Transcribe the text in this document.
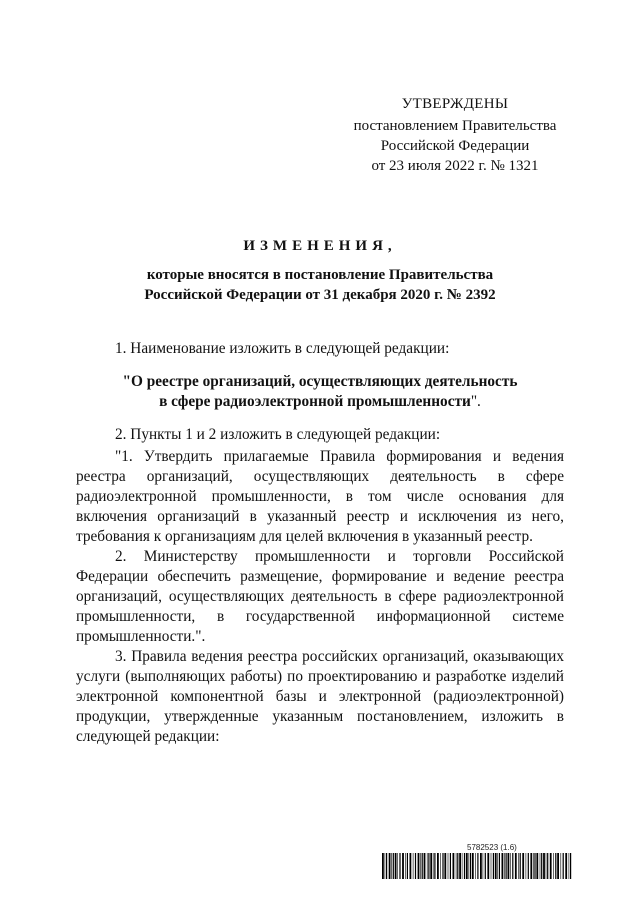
УТВЕРЖДЕНЫ
постановлением Правительства
Российской Федерации
от 23 июля 2022 г. № 1321
ИЗМЕНЕНИЯ,
которые вносятся в постановление Правительства
Российской Федерации от 31 декабря 2020 г. № 2392

1. Наименование изложить в следующей редакции:

"О реестре организаций, осуществляющих деятельность
в сфере радиоэлектронной промышленности".

2. Пункты 1 и 2 изложить в следующей редакции:

"1. Утвердить прилагаемые Правила формирования и ведения реестра организаций, осуществляющих деятельность в сфере радиоэлектронной промышленности, в том числе основания для включения организаций в указанный реестр и исключения из него, требования к организациям для целей включения в указанный реестр.

2. Министерству промышленности и торговли Российской Федерации обеспечить размещение, формирование и ведение реестра организаций, осуществляющих деятельность в сфере радиоэлектронной промышленности, в государственной информационной системе промышленности.".

3. Правила ведения реестра российских организаций, оказывающих услуги (выполняющих работы) по проектированию и разработке изделий электронной компонентной базы и электронной (радиоэлектронной) продукции, утвержденные указанным постановлением, изложить в следующей редакции:

5782523 (1.6)
